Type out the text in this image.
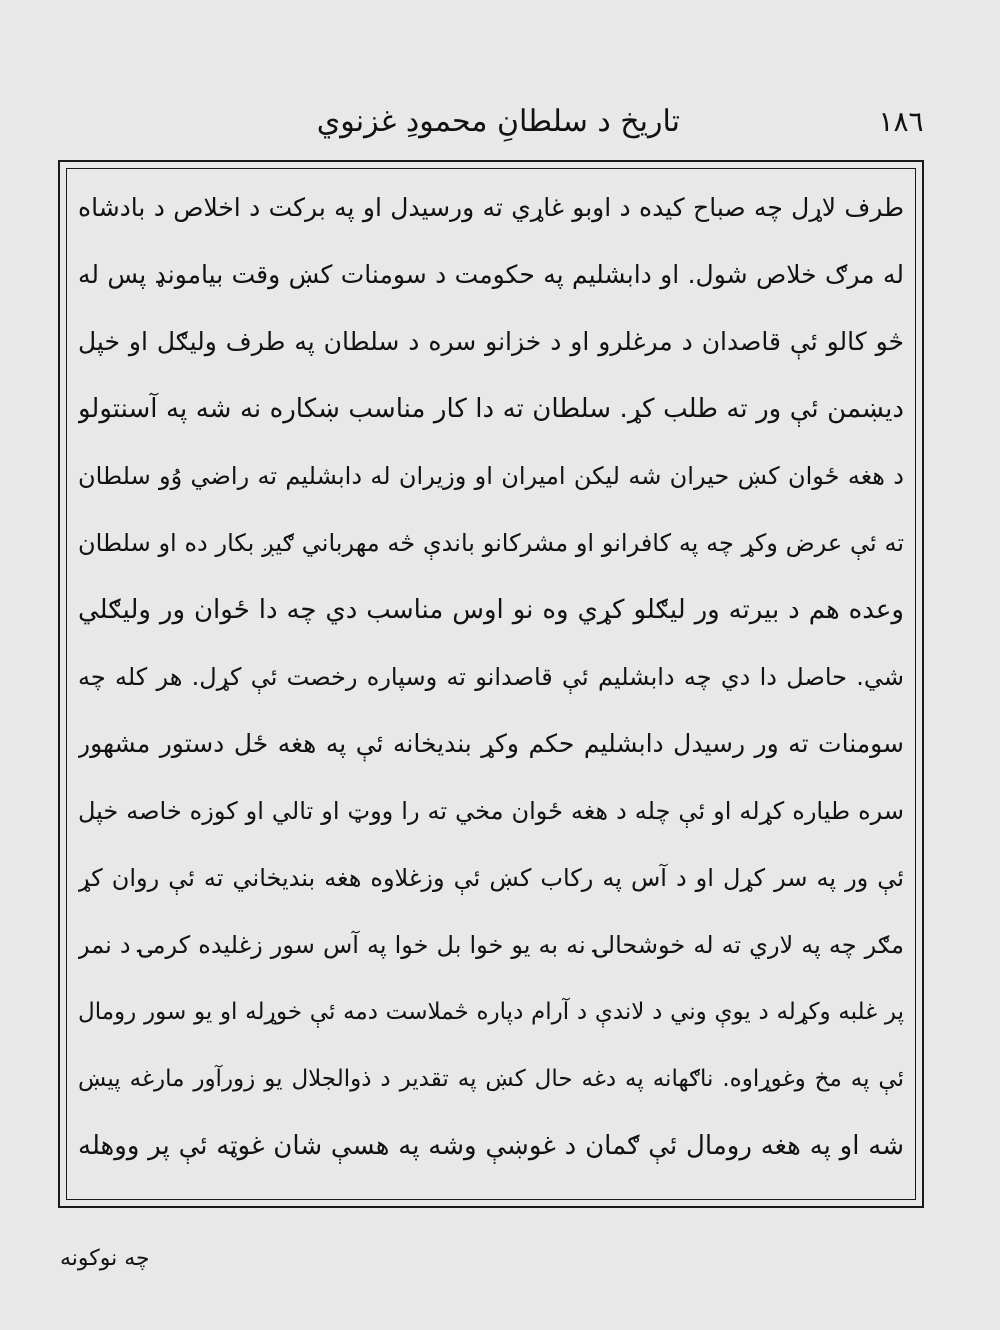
١٨٦
تاریخ د سلطانِ محمودِ غزنوي
طرف لاړل چه صباح کیده د اوبو غاړي ته ورسیدل او په برکت د اخلاص د بادشاه
له مرګ خلاص شول. او دابشلیم په حکومت د سومنات کښ وقت بیامونډ پس له
څو کالو ئې قاصدان د مرغلرو او د خزانو سره د سلطان په طرف ولیګل او خپل
دیښمن ئې ور ته طلب کړ. سلطان ته دا کار مناسب ښکاره نه شه په آسنتولو
د هغه ځوان کښ حیران شه لیکن امیران او وزیران له دابشلیم ته راضي وُو سلطان
ته ئې عرض وکړ چه په کافرانو او مشرکانو باندې څه مهرباني ګیږ بکار ده او سلطان
وعده هم د بیرته ور لیګلو کړي وه نو اوس مناسب دي چه دا ځوان ور ولیګلي
شي. حاصل دا دي چه دابشلیم ئې قاصدانو ته وسپاره رخصت ئې کړل. هر کله چه
سومنات ته ور رسیدل دابشلیم حکم وکړ بندیخانه ئې په هغه ځل دستور مشهور
سره طیاره کړله او ئې چله د هغه ځوان مخي ته را ووټ او تالي او کوزه خاصه خپل
ئې ور په سر کړل او د آس په رکاب کښ ئې وزغلاوه هغه بندیخاني ته ئې روان کړ
مګر چه په لاري ته له خوشحالۍ نه به یو خوا بل خوا په آس سور زغلیده کرمۍ د نمر
پر غلبه وکړله د یوې وني د لاندې د آرام دپاره څملاست دمه ئې خوړله او یو سور رومال
ئې په مخ وغوړاوه. ناګهانه په دغه حال کښ په تقدیر د ذوالجلال یو زورآور مارغه پیښ
شه او په هغه رومال ئې ګمان د غوښې وشه په هسې شان غوټه ئې پر ووهله
چه نوکونه
